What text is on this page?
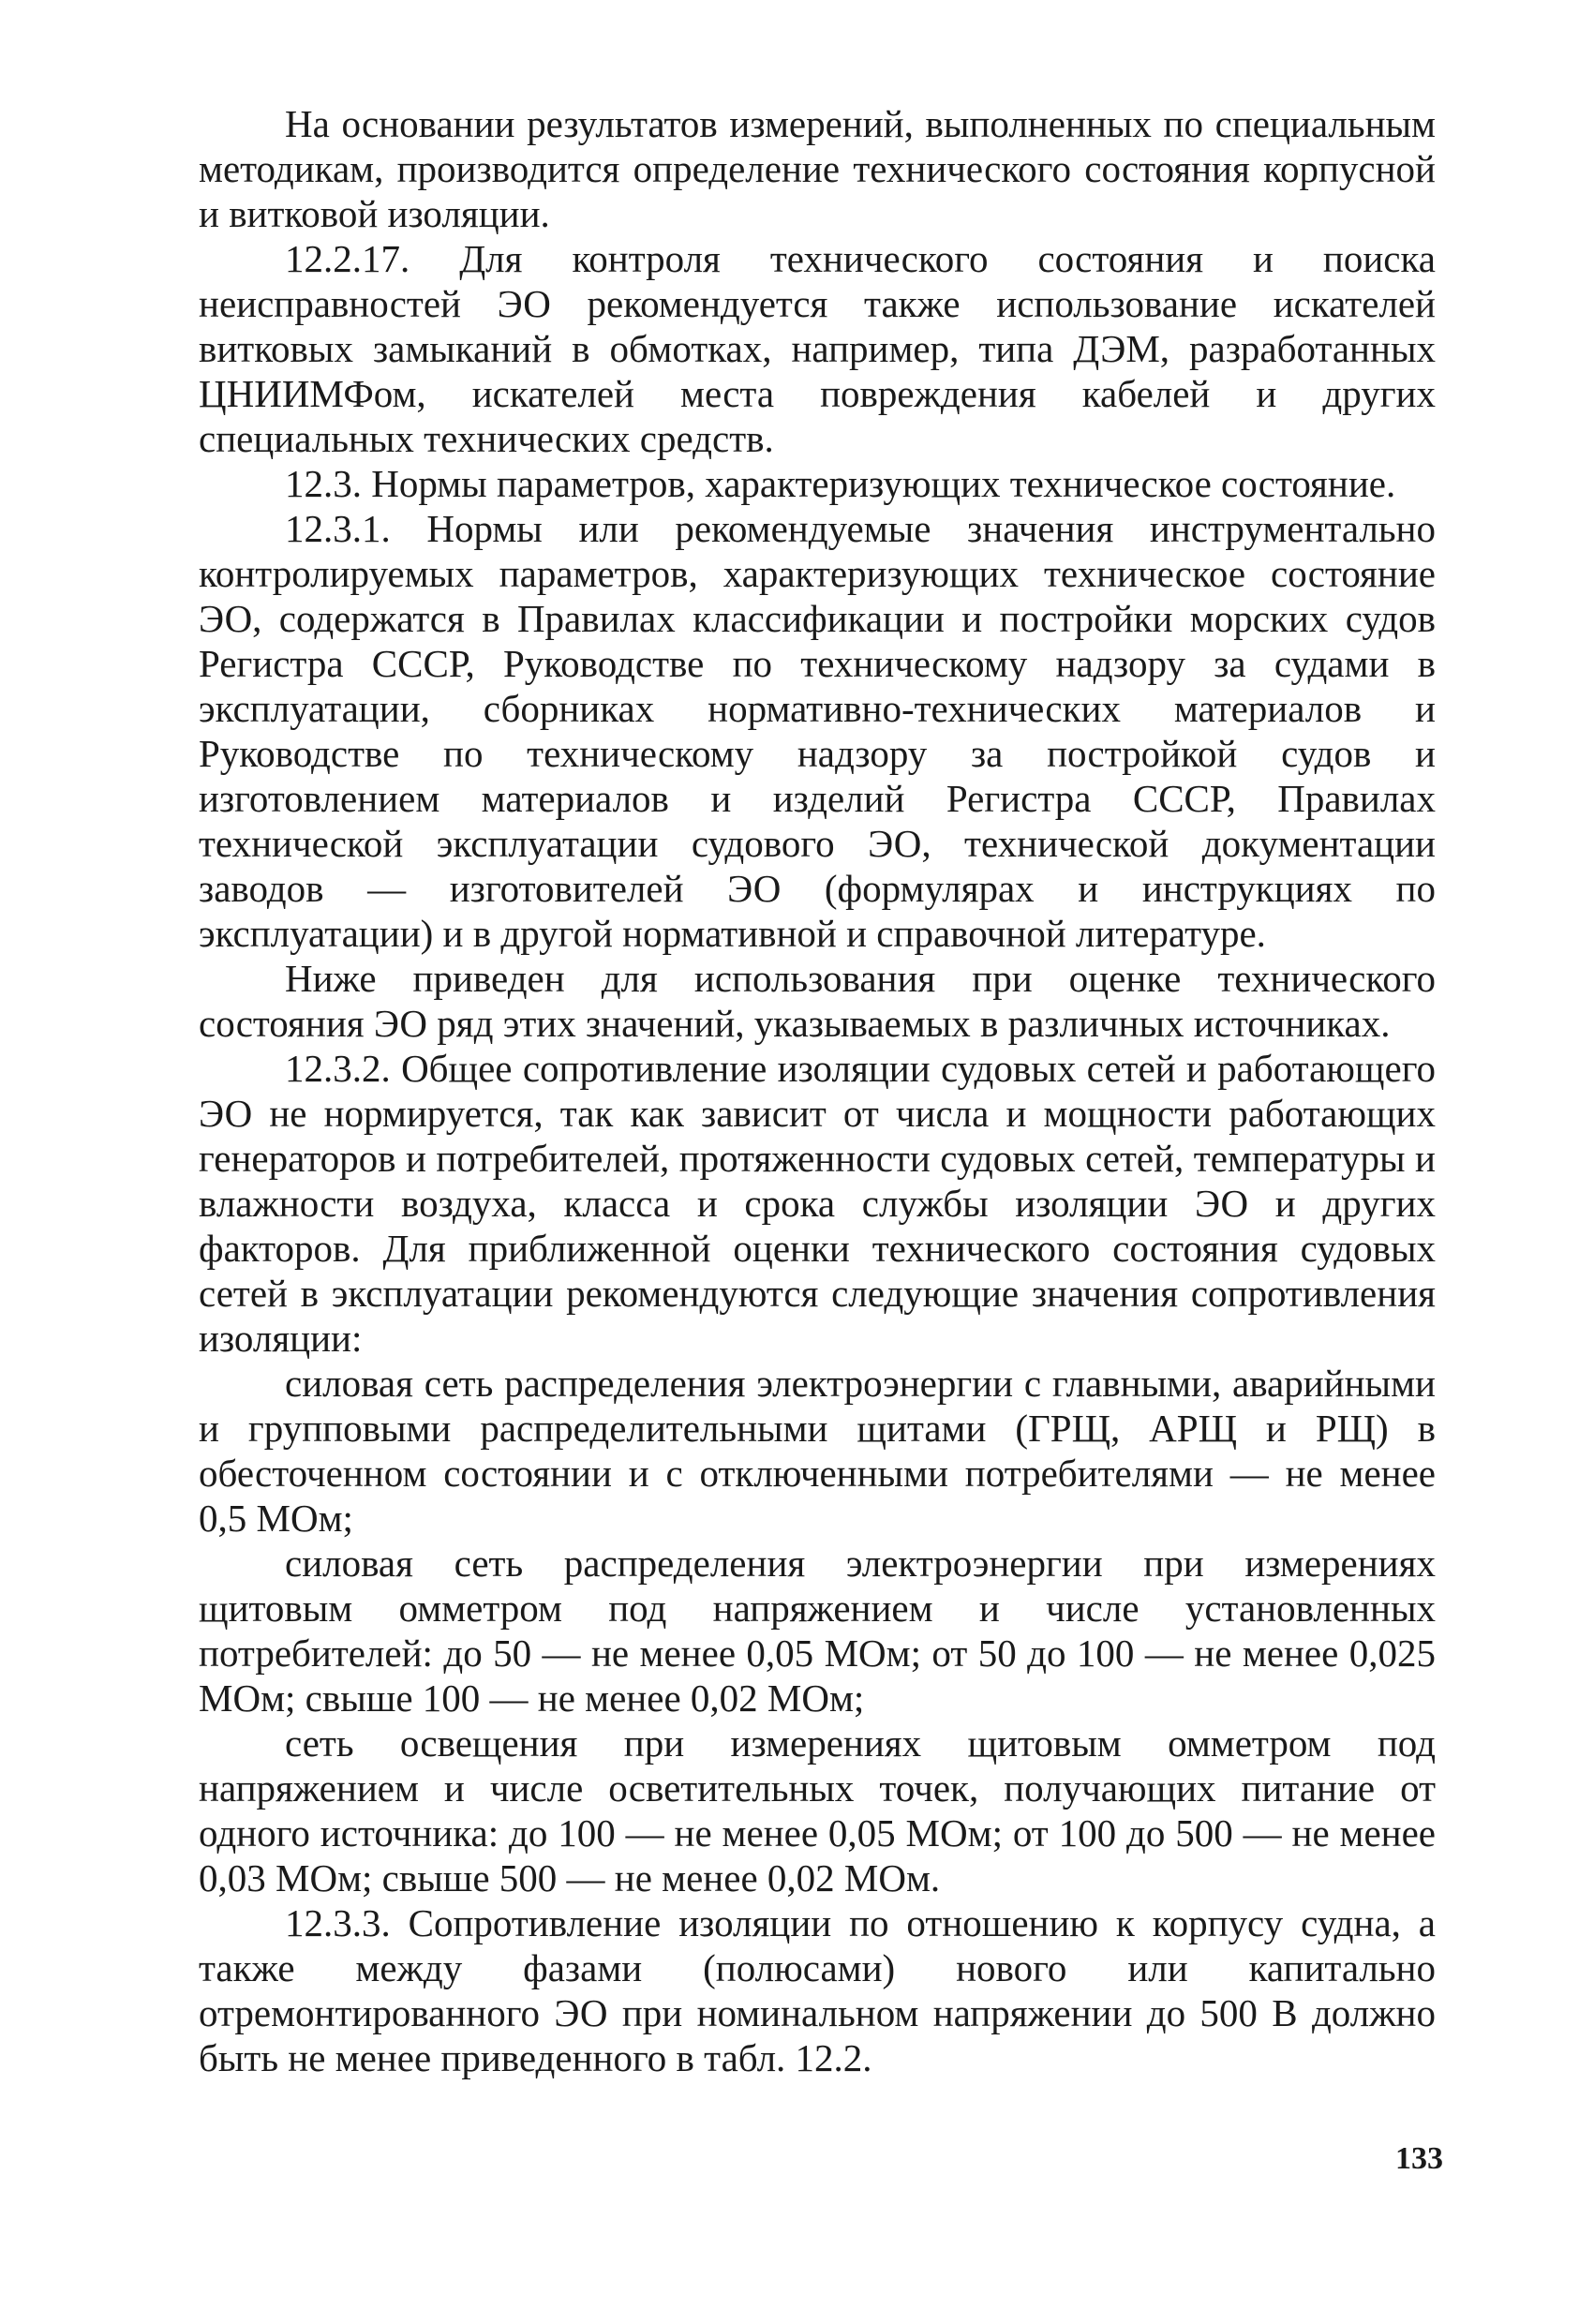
На основании результатов измерений, выполненных по специальным методикам, производится определение технического состояния корпусной и витковой изоляции.

12.2.17. Для контроля технического состояния и поиска неисправностей ЭО рекомендуется также использование искателей витковых замыканий в обмотках, например, типа ДЭМ, разработанных ЦНИИМФом, искателей места повреждения кабелей и других специальных технических средств.

12.3. Нормы параметров, характеризующих техническое состояние.

12.3.1. Нормы или рекомендуемые значения инструментально контролируемых параметров, характеризующих техническое состояние ЭО, содержатся в Правилах классификации и постройки морских судов Регистра СССР, Руководстве по техническому надзору за судами в эксплуатации, сборниках нормативно-технических материалов и Руководстве по техническому надзору за постройкой судов и изготовлением материалов и изделий Регистра СССР, Правилах технической эксплуатации судового ЭО, технической документации заводов — изготовителей ЭО (формулярах и инструкциях по эксплуатации) и в другой нормативной и справочной литературе.

Ниже приведен для использования при оценке технического состояния ЭО ряд этих значений, указываемых в различных источниках.

12.3.2. Общее сопротивление изоляции судовых сетей и работающего ЭО не нормируется, так как зависит от числа и мощности работающих генераторов и потребителей, протяженности судовых сетей, температуры и влажности воздуха, класса и срока службы изоляции ЭО и других факторов. Для приближенной оценки технического состояния судовых сетей в эксплуатации рекомендуются следующие значения сопротивления изоляции:

силовая сеть распределения электроэнергии с главными, аварийными и групповыми распределительными щитами (ГРЩ, АРЩ и РЩ) в обесточенном состоянии и с отключенными потребителями — не менее 0,5 МОм;

силовая сеть распределения электроэнергии при измерениях щитовым омметром под напряжением и числе установленных потребителей: до 50 — не менее 0,05 МОм; от 50 до 100 — не менее 0,025 МОм; свыше 100 — не менее 0,02 МОм;

сеть освещения при измерениях щитовым омметром под напряжением и числе осветительных точек, получающих питание от одного источника: до 100 — не менее 0,05 МОм; от 100 до 500 — не менее 0,03 МОм; свыше 500 — не менее 0,02 МОм.

12.3.3. Сопротивление изоляции по отношению к корпусу судна, а также между фазами (полюсами) нового или капитально отремонтированного ЭО при номинальном напряжении до 500 В должно быть не менее приведенного в табл. 12.2.

133
